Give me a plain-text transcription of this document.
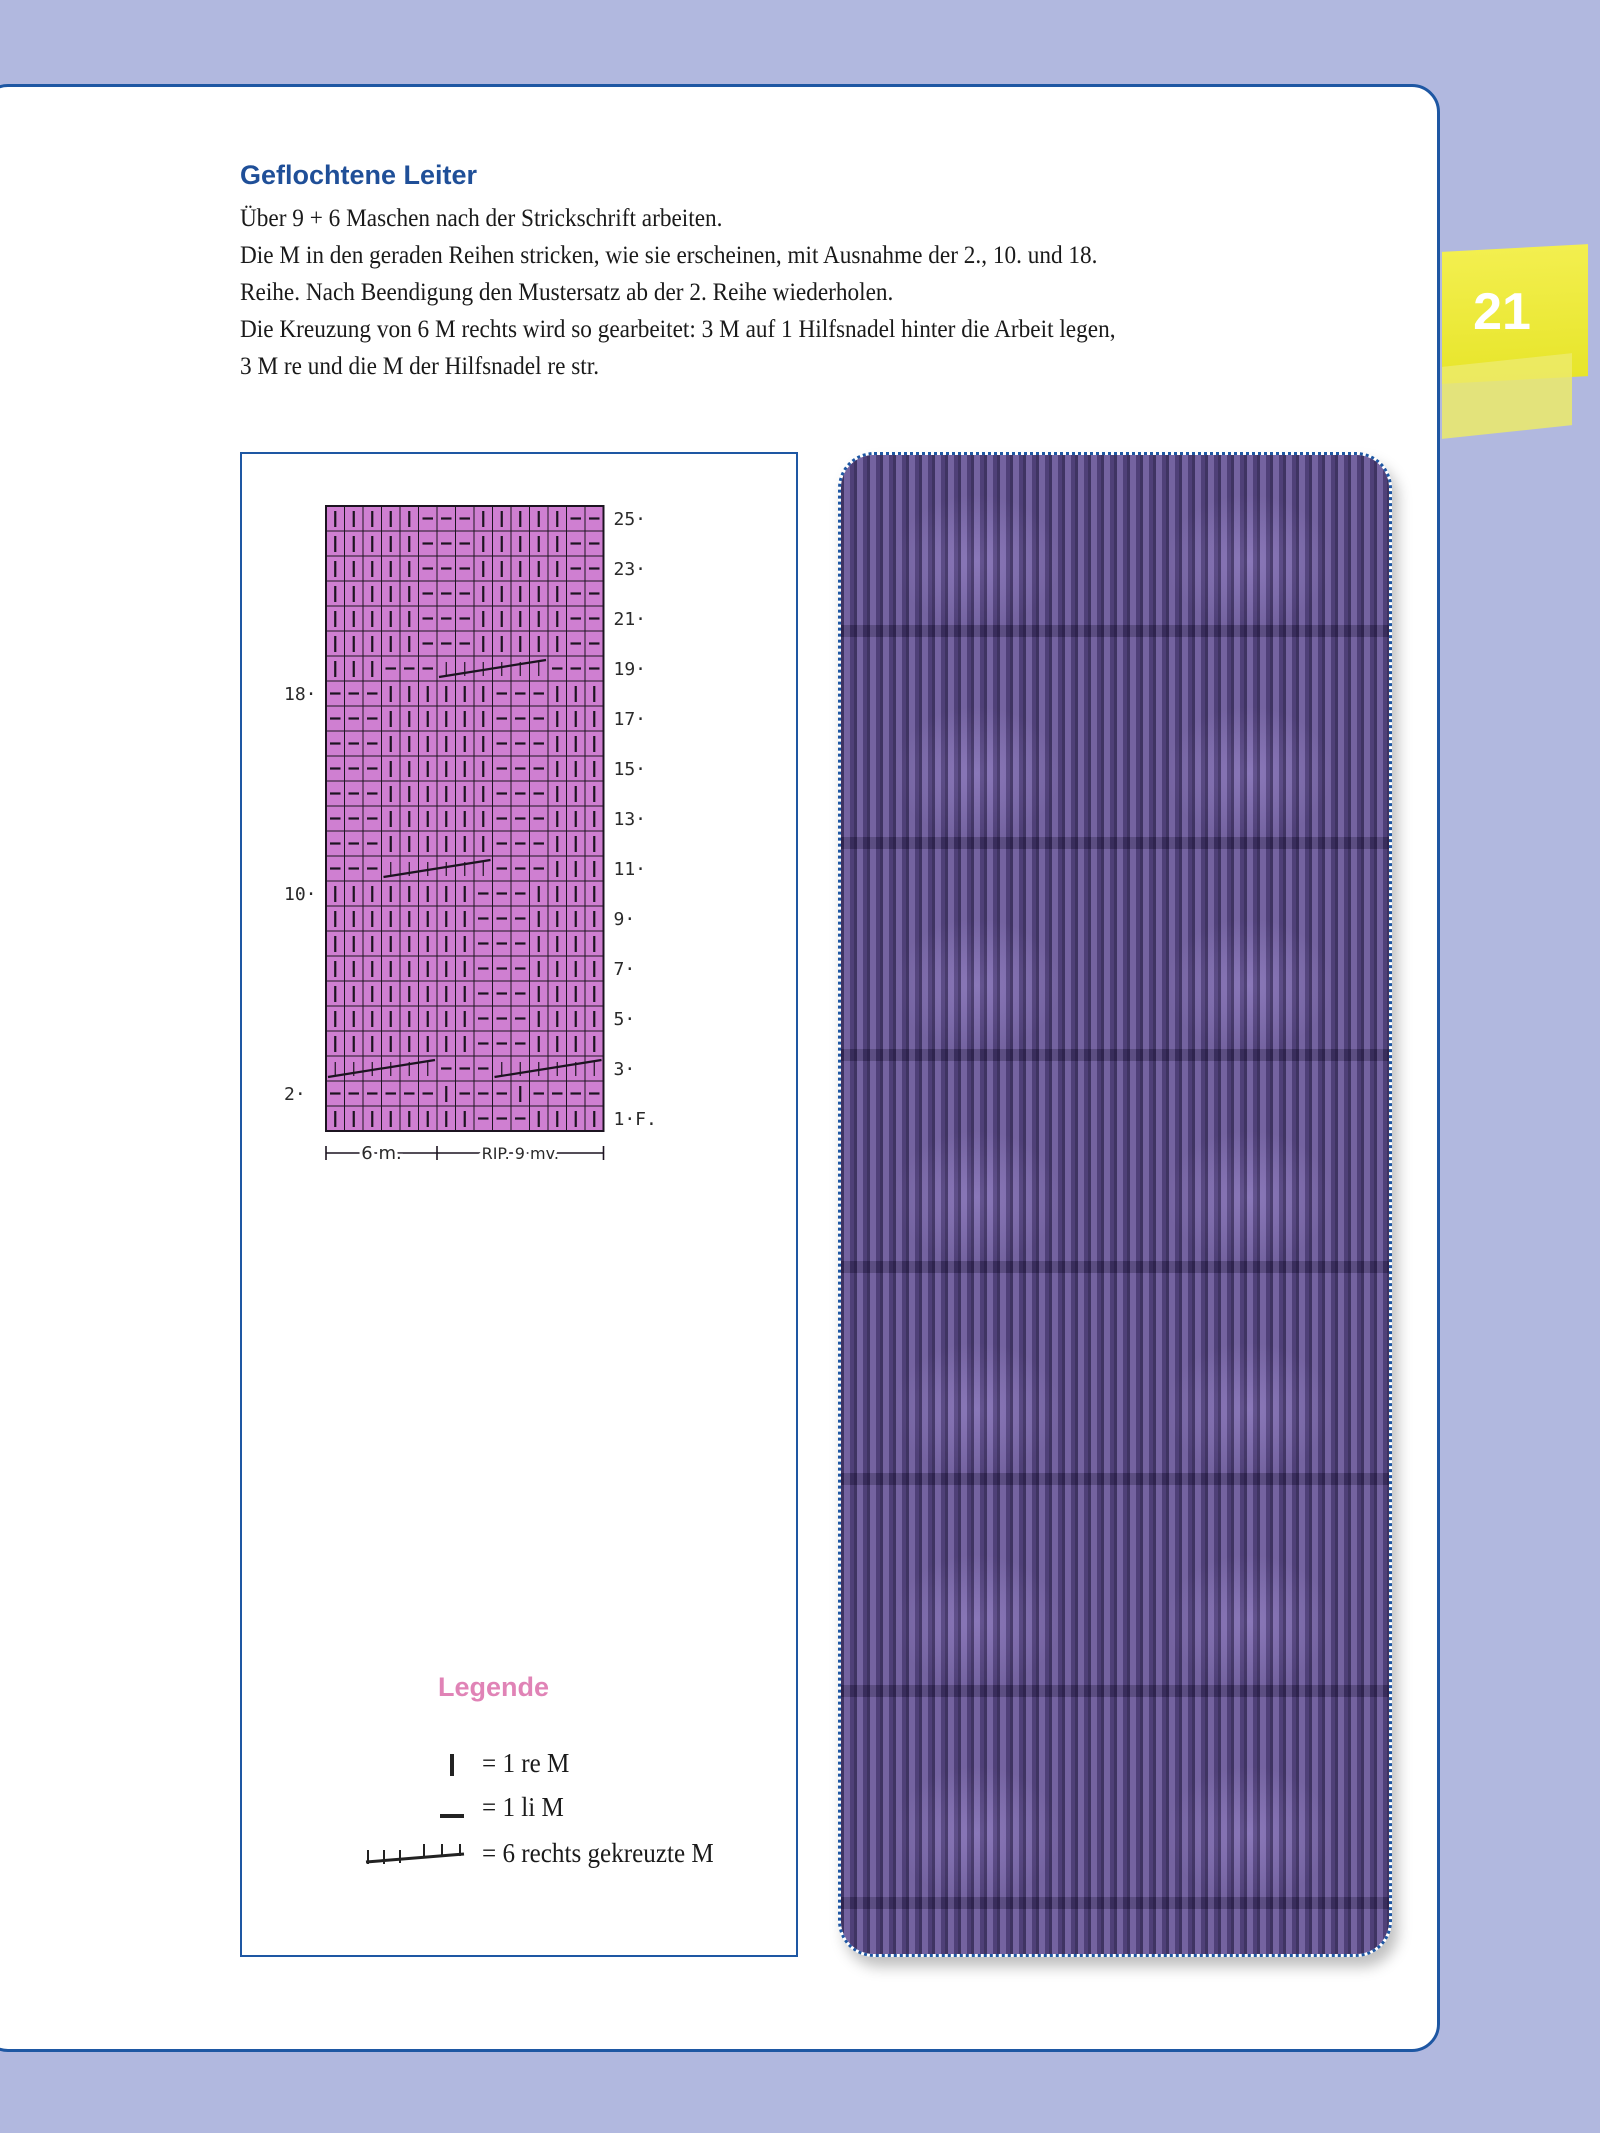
21
Geflochtene Leiter

Über 9 + 6 Maschen nach der Strickschrift arbeiten.

Die M in den geraden Reihen stricken, wie sie erscheinen, mit Ausnahme der 2., 10. und 18.

Reihe. Nach Beendigung den Mustersatz ab der 2. Reihe wiederholen.

Die Kreuzung von 6 M rechts wird so gearbeitet: 3 M auf 1 Hilfsnadel hinter die Arbeit legen,

3 M re und die M der Hilfsnadel re str.

25·
23·
21·
19·
17·
15·
13·
11·
9·
7·
5·
3·
1·F.
18·
10·
2·
6 m.	RIP. 9 mv.
Legende
= 1 re M
= 1 li M
= 6 rechts gekreuzte M
